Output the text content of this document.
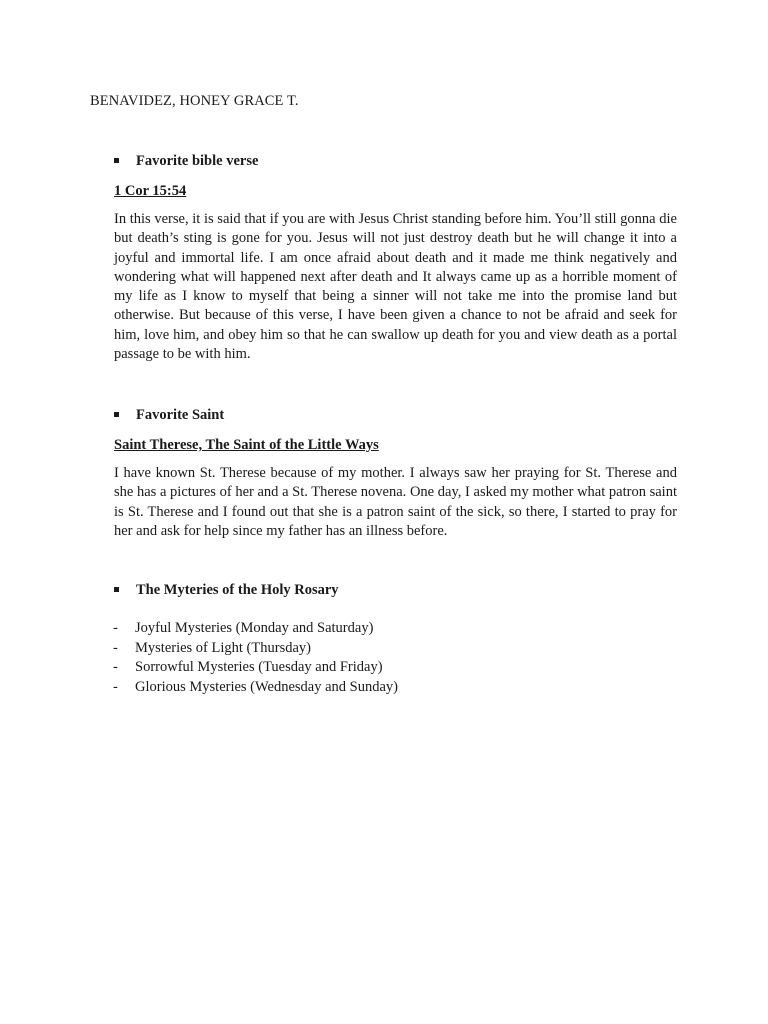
BENAVIDEZ, HONEY GRACE T.
Favorite bible verse
1 Cor 15:54
In this verse, it is said that if you are with Jesus Christ standing before him. You’ll still gonna die but death’s sting is gone for you. Jesus will not just destroy death but he will change it into a joyful and immortal life. I am once afraid about death and it made me think negatively and wondering what will happened next after death and It always came up as a horrible moment of my life as I know to myself that being a sinner will not take me into the promise land but otherwise. But because of this verse, I have been given a chance to not be afraid and seek for him, love him, and obey him so that he can swallow up death for you and view death as a portal passage to be with him.
Favorite Saint
Saint Therese, The Saint of the Little Ways
I have known St. Therese because of my mother. I always saw her praying for St. Therese and she has a pictures of her and a St. Therese novena. One day, I asked my mother what patron saint is St. Therese and I found out that she is a patron saint of the sick, so there, I started to pray for her and ask for help since my father has an illness before.
The Myteries of the Holy Rosary
- Joyful Mysteries (Monday and Saturday)
- Mysteries of Light (Thursday)
- Sorrowful Mysteries (Tuesday and Friday)
- Glorious Mysteries (Wednesday and Sunday)
